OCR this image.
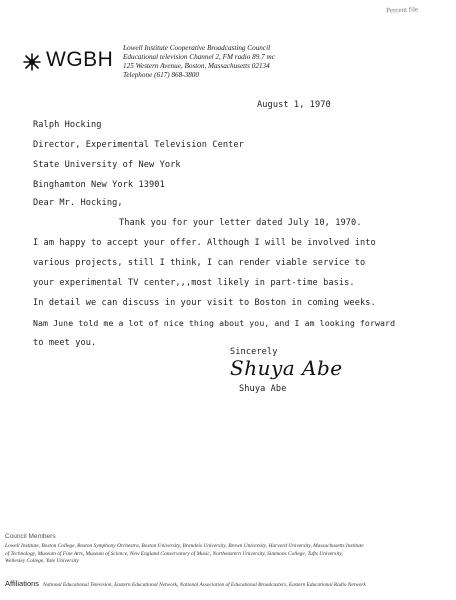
Percent file
WGBH Lowell Institute Cooperative Broadcasting Council
Educational television Channel 2, FM radio 89.7 mc
125 Western Avenue, Boston, Massachusetts 02134
Telephone (617) 868-3800
August 1, 1970
Ralph Hocking
Director, Experimental Television Center
State University of New York
Binghamton New York 13901
Dear Mr. Hocking,
Thank you for your letter dated July 10, 1970.
I am happy to accept your offer. Although I will be involved into
various projects, still I think, I can render viable service to
your experimental TV center,,,most likely in part-time basis.
In detail we can discuss in your visit to Boston in coming weeks.
Nam June told me a lot of nice thing about you, and I am looking forward
to meet you.
Sincerely
Shuya Abe
Shuya Abe
Council Members
Lowell Institute, Boston College, Boston Symphony Orchestra, Boston University, Brandeis University, Brown University, Harvard University, Massachusetts Institute
of Technology, Museum of Fine Arts, Museum of Science, New England Conservatory of Music, Northeastern University, Simmons College, Tufts University,
Wellesley College, Yale University
Affiliations National Educational Television, Eastern Educational Network, National Association of Educational Broadcasters, Eastern Educational Radio Network
